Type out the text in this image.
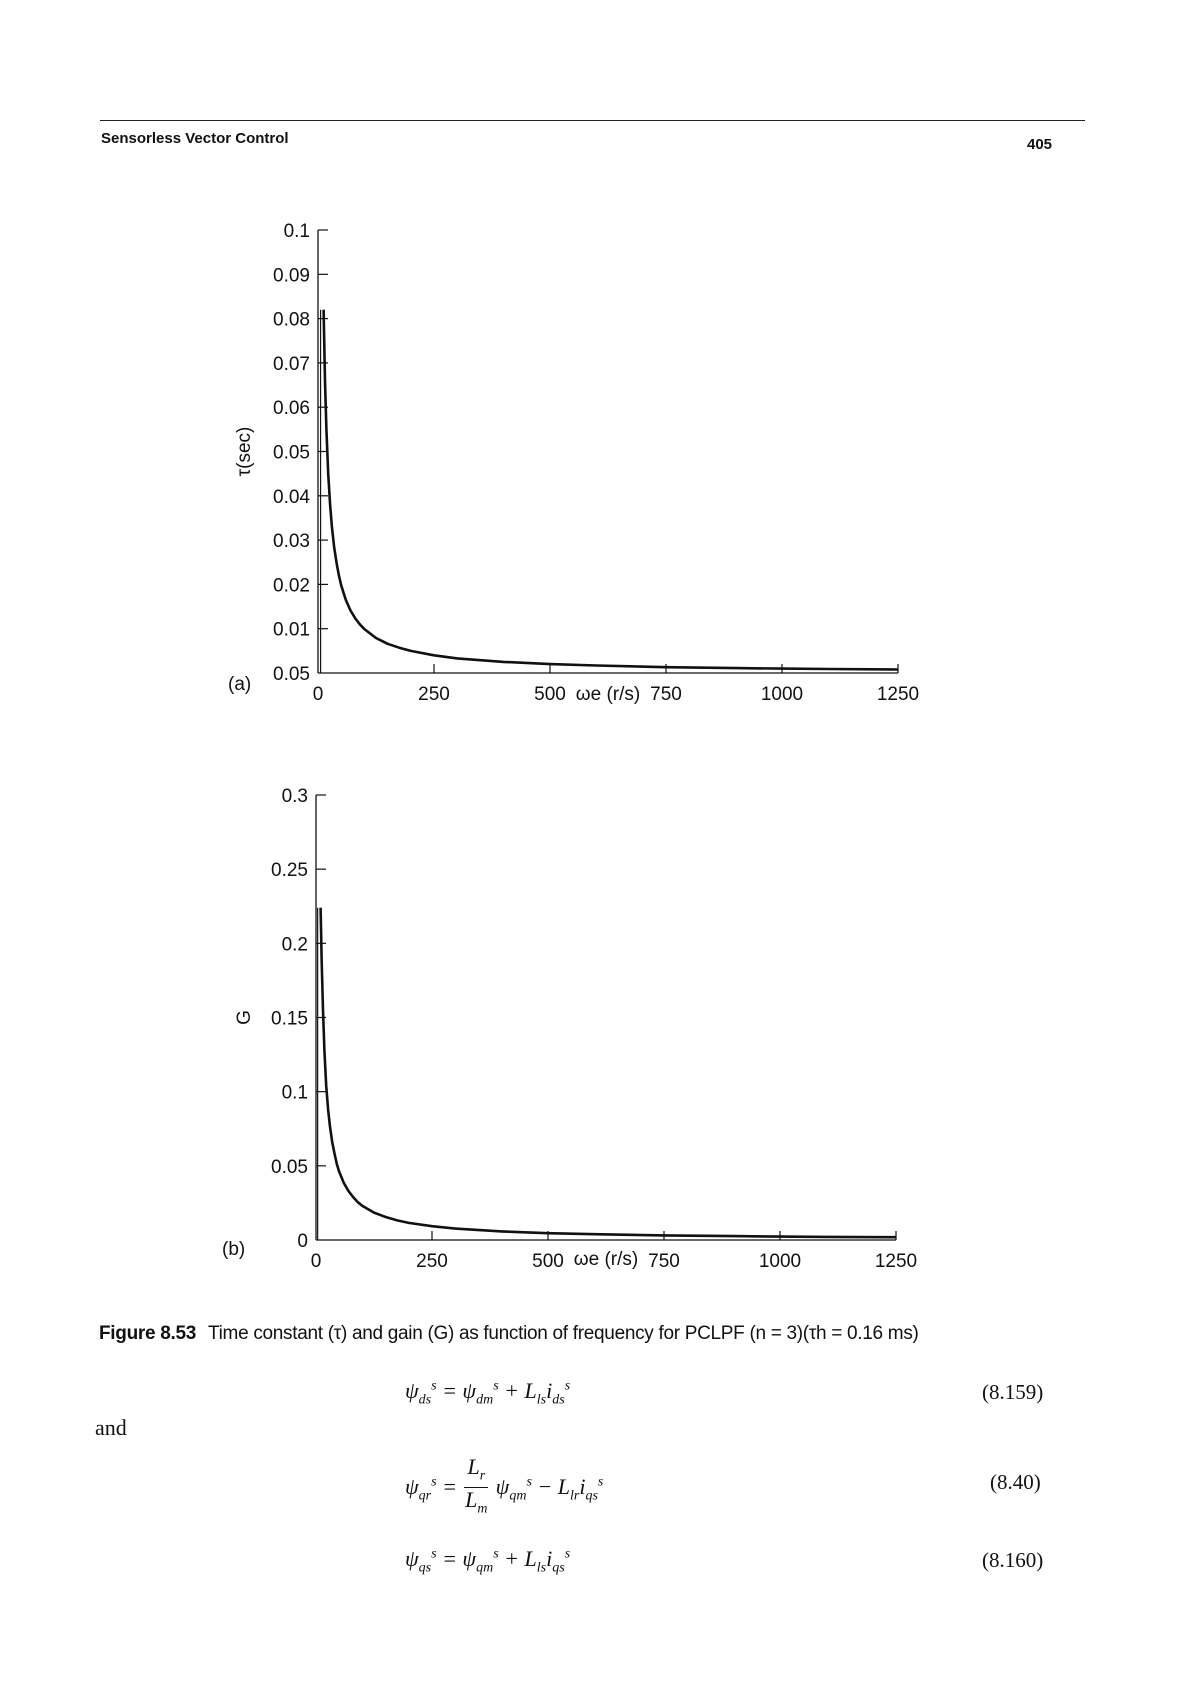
Sensorless Vector Control	405
0.05
0.01
0.02
0.03
0.04
0.05
0.06
0.07
0.08
0.09
0.1
0	250	500	750	1000	1250
(a)	ωe (r/s)
τ(sec)
0
0.05
0.1
0.15
0.2
0.25
0.3
0	250	500	750	1000	1250
(b)	ωe (r/s)
G
Figure 8.53 Time constant (τ) and gain (G) as function of frequency for PCLPF (n = 3)(τh = 0.16 ms)
$\psi_{ds}^s = \psi_{dm}^s + L_{ls}i_{ds}^s$	(8.159)
and
$\psi_{qr}^s = \frac{L_r}{L_m} \psi_{qm}^s - L_{lr}i_{qs}^s$	(8.40)
$\psi_{qs}^s = \psi_{qm}^s + L_{ls}i_{qs}^s$	(8.160)
